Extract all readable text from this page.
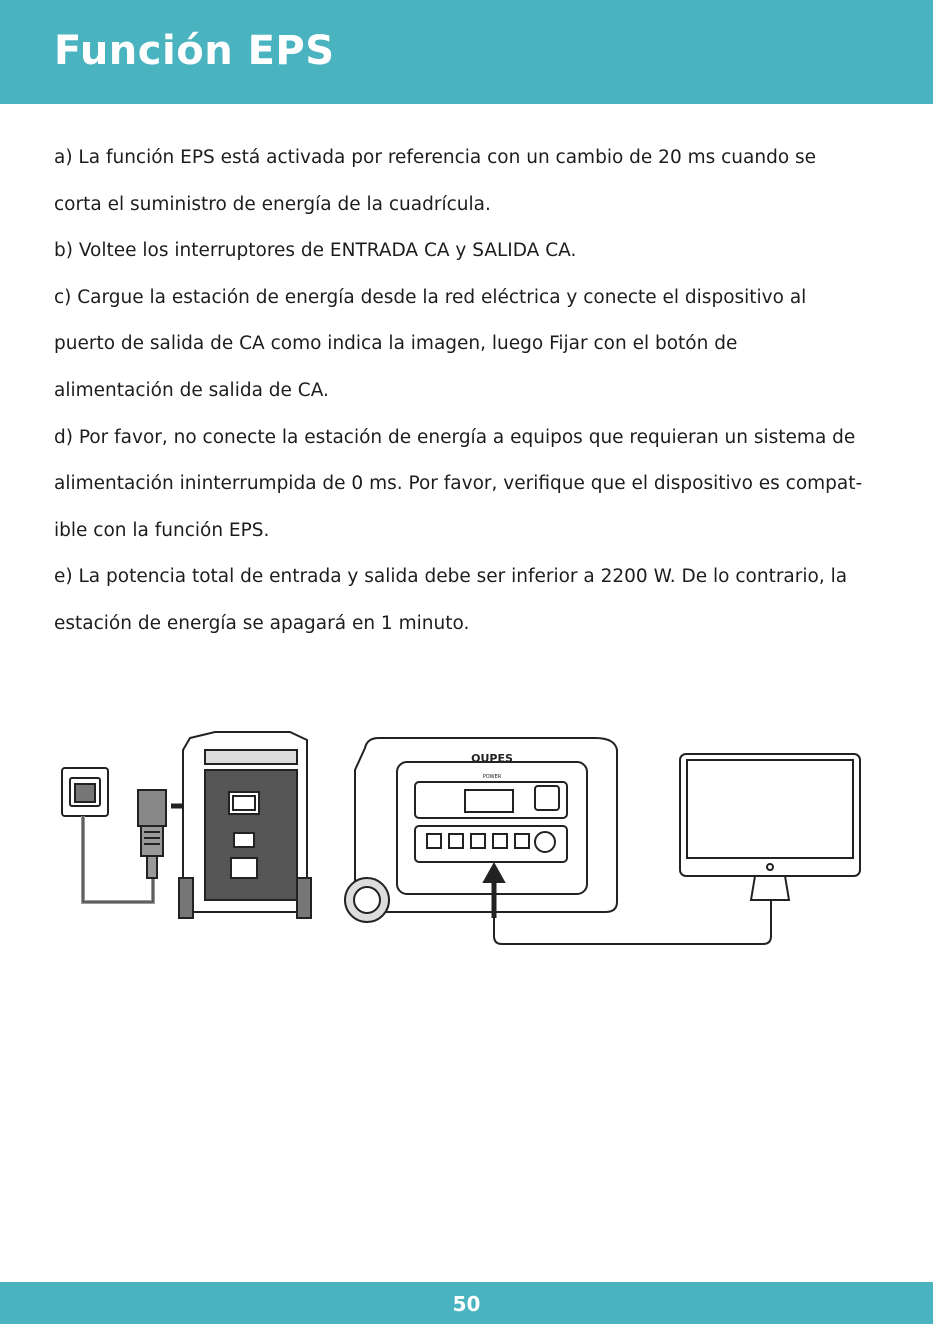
Función EPS

a) La función EPS está activada por referencia con un cambio de 20 ms cuando se

corta el suministro de energía de la cuadrícula.

b) Voltee los interruptores de ENTRADA CA y SALIDA CA.

c) Cargue la estación de energía desde la red eléctrica y conecte el dispositivo al

puerto de salida de CA como indica la imagen, luego Fijar con el botón de

alimentación de salida de CA.

d) Por favor, no conecte la estación de energía a equipos que requieran un sistema de

alimentación ininterrumpida de 0 ms. Por favor, verifique que el dispositivo es compat-

ible con la función EPS.

e) La potencia total de entrada y salida debe ser inferior a 2200 W. De lo contrario, la

estación de energía se apagará en 1 minuto.

OUPES
POWER
50
